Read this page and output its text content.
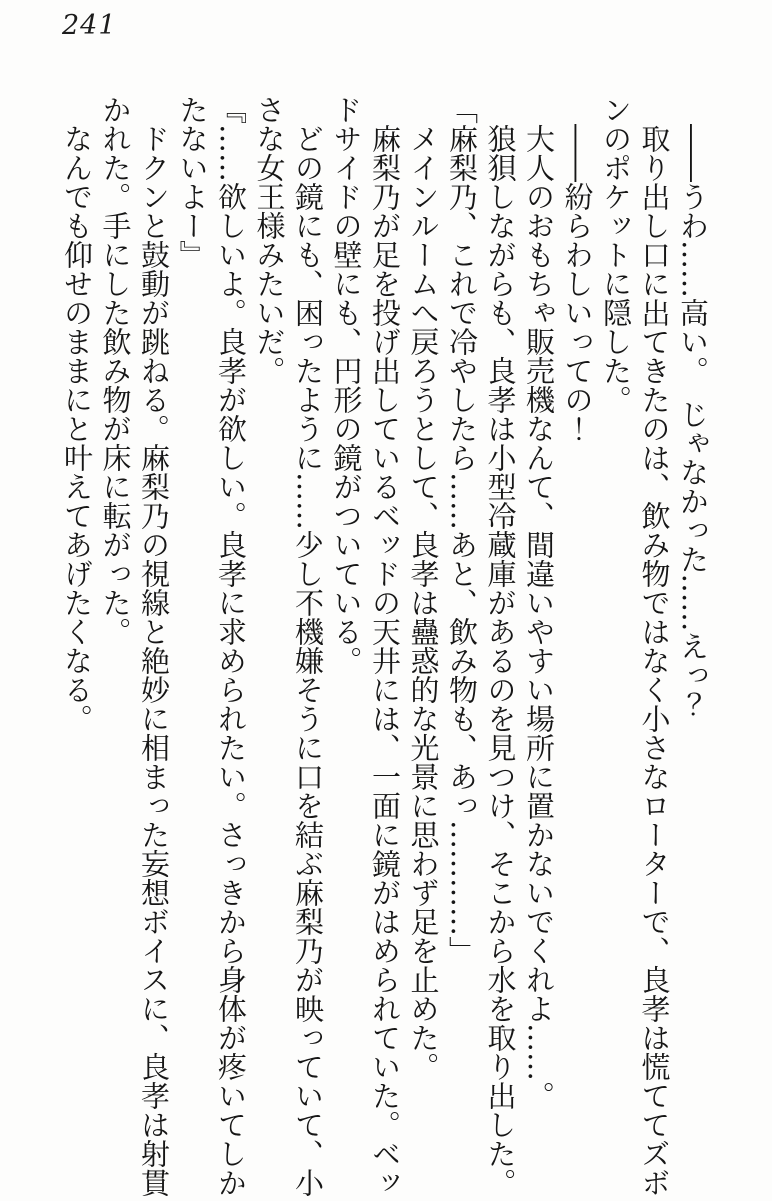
241

　――うわ……高い。　じゃなかった……えっ？

　取り出し口に出てきたのは、飲み物ではなく小さなローターで、良孝は慌ててズボ

ンのポケットに隠した。

　――紛らわしいっての！

　大人のおもちゃ販売機なんて、間違いやすい場所に置かないでくれよ……。

　狼狽しながらも、良孝は小型冷蔵庫があるのを見つけ、そこから水を取り出した。

「麻梨乃、これで冷やしたら……あと、飲み物も、あっ…………」

　メインルームへ戻ろうとして、良孝は蠱惑的な光景に思わず足を止めた。

　麻梨乃が足を投げ出しているベッドの天井には、一面に鏡がはめられていた。ベッ

ドサイドの壁にも、円形の鏡がついている。

　どの鏡にも、困ったように……少し不機嫌そうに口を結ぶ麻梨乃が映っていて、小

さな女王様みたいだ。

『……欲しいよ。良孝が欲しい。良孝に求められたい。さっきから身体が疼いてしか

たないよー』

　ドクンと鼓動が跳ねる。麻梨乃の視線と絶妙に相まった妄想ボイスに、良孝は射貫

かれた。手にした飲み物が床に転がった。

　なんでも仰せのままにと叶えてあげたくなる。
